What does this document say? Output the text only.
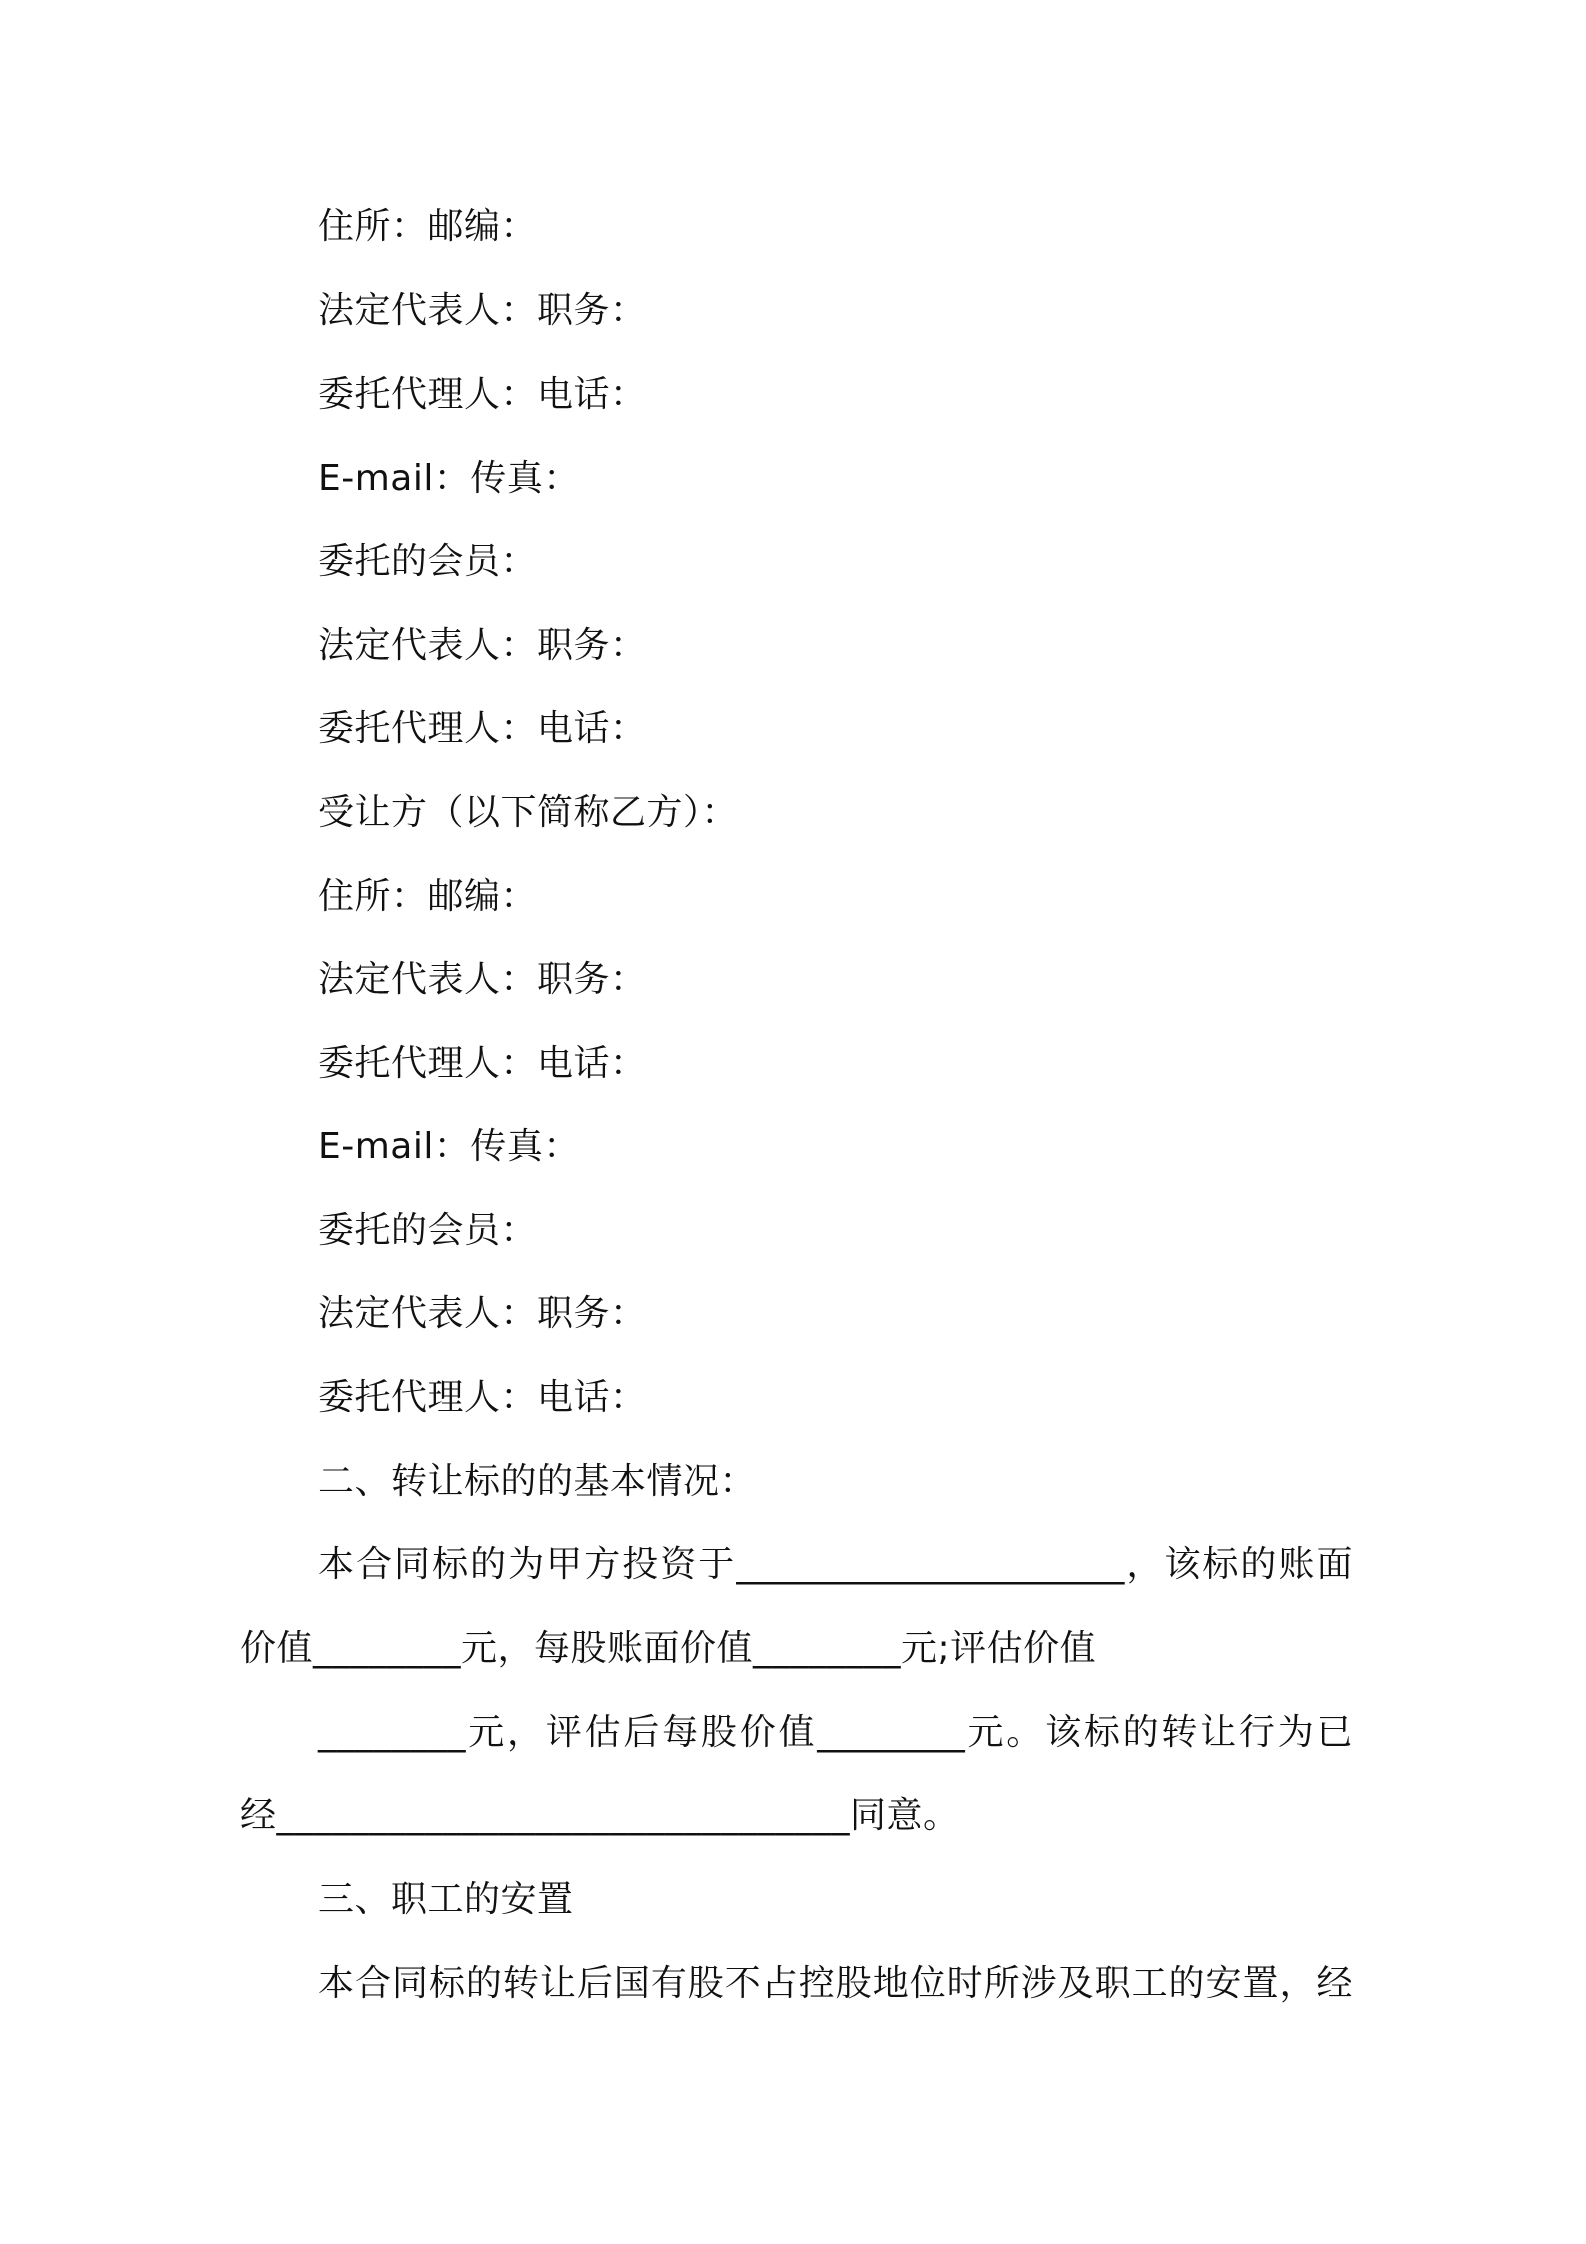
住所：邮编：
法定代表人：职务：
委托代理人：电话：
E-mail：传真：
委托的会员：
法定代表人：职务：
委托代理人：电话：
受让方（以下简称乙方）：
住所：邮编：
法定代表人：职务：
委托代理人：电话：
E-mail：传真：
委托的会员：
法定代表人：职务：
委托代理人：电话：
二、转让标的的基本情况：
本合同标的为甲方投资于_____________________，该标的账面
价值________元，每股账面价值________元;评估价值
________元，评估后每股价值________元。该标的转让行为已
经_______________________________同意。
三、职工的安置
本合同标的转让后国有股不占控股地位时所涉及职工的安置，经
